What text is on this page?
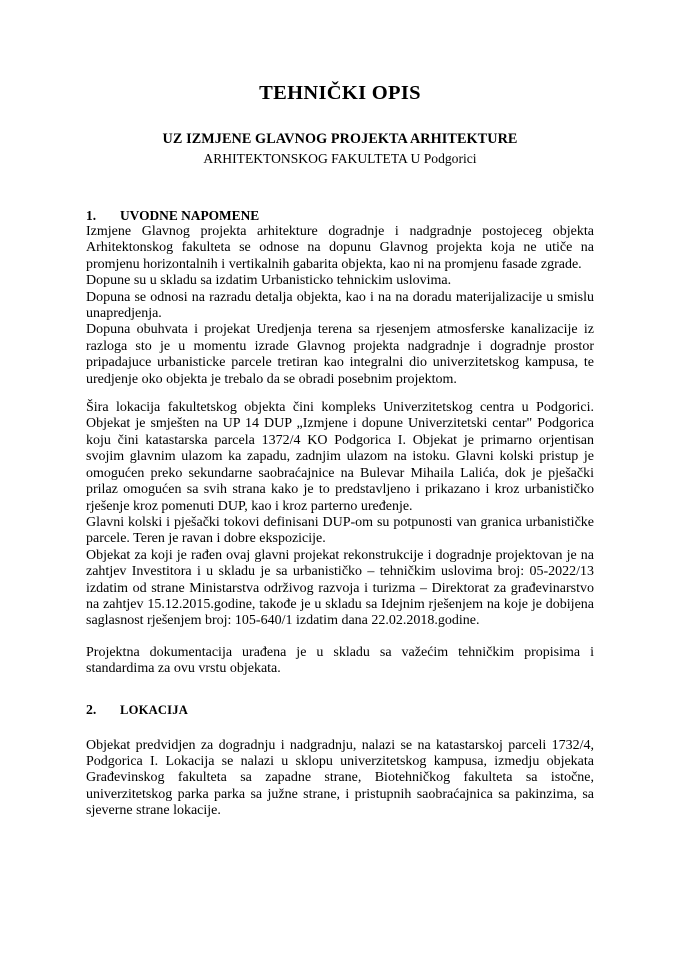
TEHNIČKI OPIS
UZ IZMJENE GLAVNOG PROJEKTA ARHITEKTURE
ARHITEKTONSKOG FAKULTETA U Podgorici
1. UVODNE NAPOMENE

Izmjene Glavnog projekta arhitekture dogradnje i nadgradnje postojeceg objekta Arhitektonskog fakulteta se odnose na dopunu Glavnog projekta koja ne utiče na promjenu horizontalnih i vertikalnih gabarita objekta, kao ni na promjenu fasade zgrade.

Dopune su u skladu sa izdatim Urbanisticko tehnickim uslovima.

Dopuna se odnosi na razradu detalja objekta, kao i na na doradu materijalizacije u smislu unapredjenja.

Dopuna obuhvata i projekat Uredjenja terena sa rjesenjem atmosferske kanalizacije iz razloga sto je u momentu izrade Glavnog projekta nadgradnje i dogradnje prostor pripadajuce urbanisticke parcele tretiran kao integralni dio univerzitetskog kampusa, te uredjenje oko objekta je trebalo da se obradi posebnim projektom.

Šira lokacija fakultetskog objekta čini kompleks Univerzitetskog centra u Podgorici. Objekat je smješten na UP 14 DUP „Izmjene i dopune Univerzitetski centar" Podgorica koju čini katastarska parcela 1372/4 KO Podgorica I. Objekat je primarno orjentisan svojim glavnim ulazom ka zapadu, zadnjim ulazom na istoku. Glavni kolski pristup je omogućen preko sekundarne saobraćajnice na Bulevar Mihaila Lalića, dok je pješački prilaz omogućen sa svih strana kako je to predstavljeno i prikazano i kroz urbanističko rješenje kroz pomenuti DUP, kao i kroz parterno uređenje.

Glavni kolski i pješački tokovi definisani DUP-om su potpunosti van granica urbanističke parcele. Teren je ravan i dobre ekspozicije.

Objekat za koji je rađen ovaj glavni projekat rekonstrukcije i dogradnje projektovan je na zahtjev Investitora i u skladu je sa urbanističko – tehničkim uslovima broj: 05-2022/13 izdatim od strane Ministarstva održivog razvoja i turizma – Direktorat za građevinarstvo na zahtjev 15.12.2015.godine, takođe je u skladu sa Idejnim rješenjem na koje je dobijena saglasnost rješenjem broj: 105-640/1 izdatim dana 22.02.2018.godine.

Projektna dokumentacija urađena je u skladu sa važećim tehničkim propisima i standardima za ovu vrstu objekata.

2. LOKACIJA

Objekat predvidjen za dogradnju i nadgradnju, nalazi se na katastarskoj parceli 1732/4, Podgorica I. Lokacija se nalazi u sklopu univerzitetskog kampusa, izmedju objekata Građevinskog fakulteta sa zapadne strane, Biotehničkog fakulteta sa istočne, univerzitetskog parka parka sa južne strane, i pristupnih saobraćajnica sa pakinzima, sa sjeverne strane lokacije.
